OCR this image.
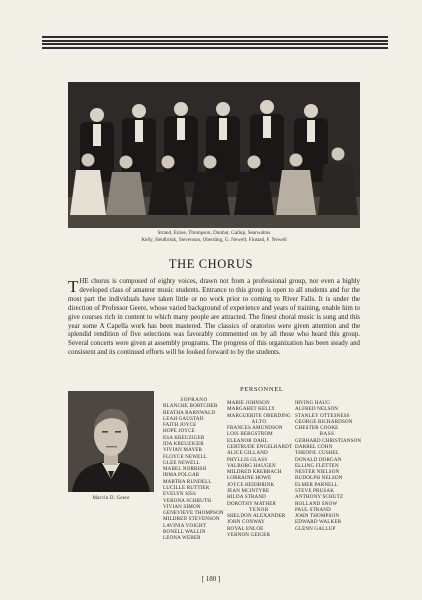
Strand, Enloe, Thompson, Dunbar, Gallup, Searwaltus
Kelly, Heidbrink, Stevenson, Oberding, G. Newell, Finstad, F. Newell
THE CHORUS
THE chorus is composed of eighty voices, drawn not from a professional group, nor even a highly developed class of amateur music students. Entrance to this group is open to all students and for the most part the individuals have taken little or no work prior to coming to River Falls. It is under the direction of Professor Geere, whose varied background of experience and years of training, enable him to give courses rich in content to which many people are attracted. The finest choral music is sung and this year some A Capella work has been mastered. The classics of oratorios were given attention and the splendid rendition of five selections was favorably commented on by all those who heard this group. Several concerts were given at assembly programs. The progress of this organization has been steady and consistent and its continued efforts will be looked forward to by the students.
PERSONNEL
Marvin D. Geere
SOPRANO
BLANCHE BORTCHER
BEATHA BARNWALD
LEAH GAUSTAD
FAITH JOYCE
HOPE JOYCE
ESA KREUZIGER
IDA KREUZIGER
VIVIAN MAYER
FLOYCE NEWELL
GLEE NEWELL
MABEL NORRISH
IRMA POLGAR
MARTHA RUNDELL
LUCILLE RUTTIER
EVELYN SISS
VERONA SCHRUTH
VIVIAN SIMON
GENEVIEVE THOMPSON
MILDRED STEVENSON
LAVINIA VOIGHT
BONELL WALLIN
LEONA WEBER
MARIE JOHNSON
MARGARET KELLY
MARGUERITE OBERDING
ALTO
FRANCES AMUNDSON
LOIS BERGSTROM
ELEANOR DAHL
GERTRUDE ENGELHARDT
ALICE GILLAND
PHYLLIS GLASS
VALBORG HAUGEN
MILDRED KREBBACH
LORRAINE HOWE
JOYCE HEIDBRINK
JEAN MCINTYRE
HILDA STRAND
DOROTHY MATHER
TENOR
SHELDON ALEXANDER
JOHN CONWAY
ROYAL ENLOE
VERNON GEIGER
IRVING HAUG
ALFRED NELSON
STANLEY OTTESNESS
GEORGE RICHARDSON
CHESTER COOKE
BASS
GERHARD CHRISTIANSON
DARREL COHN
THEOFIL CUSHEL
DONALD DORGAN
ELLING FLETTEN
NESTER NIELSON
RUDOLPH NELSON
ELMER PARNELL
STEVE PRUSAK
ANTHONY SCHUTZ
ROLLAND SNOW
PAUL STRAND
JOHN THOMPSON
EDWARD WALKER
GLENN GALLUP
[ 180 ]
